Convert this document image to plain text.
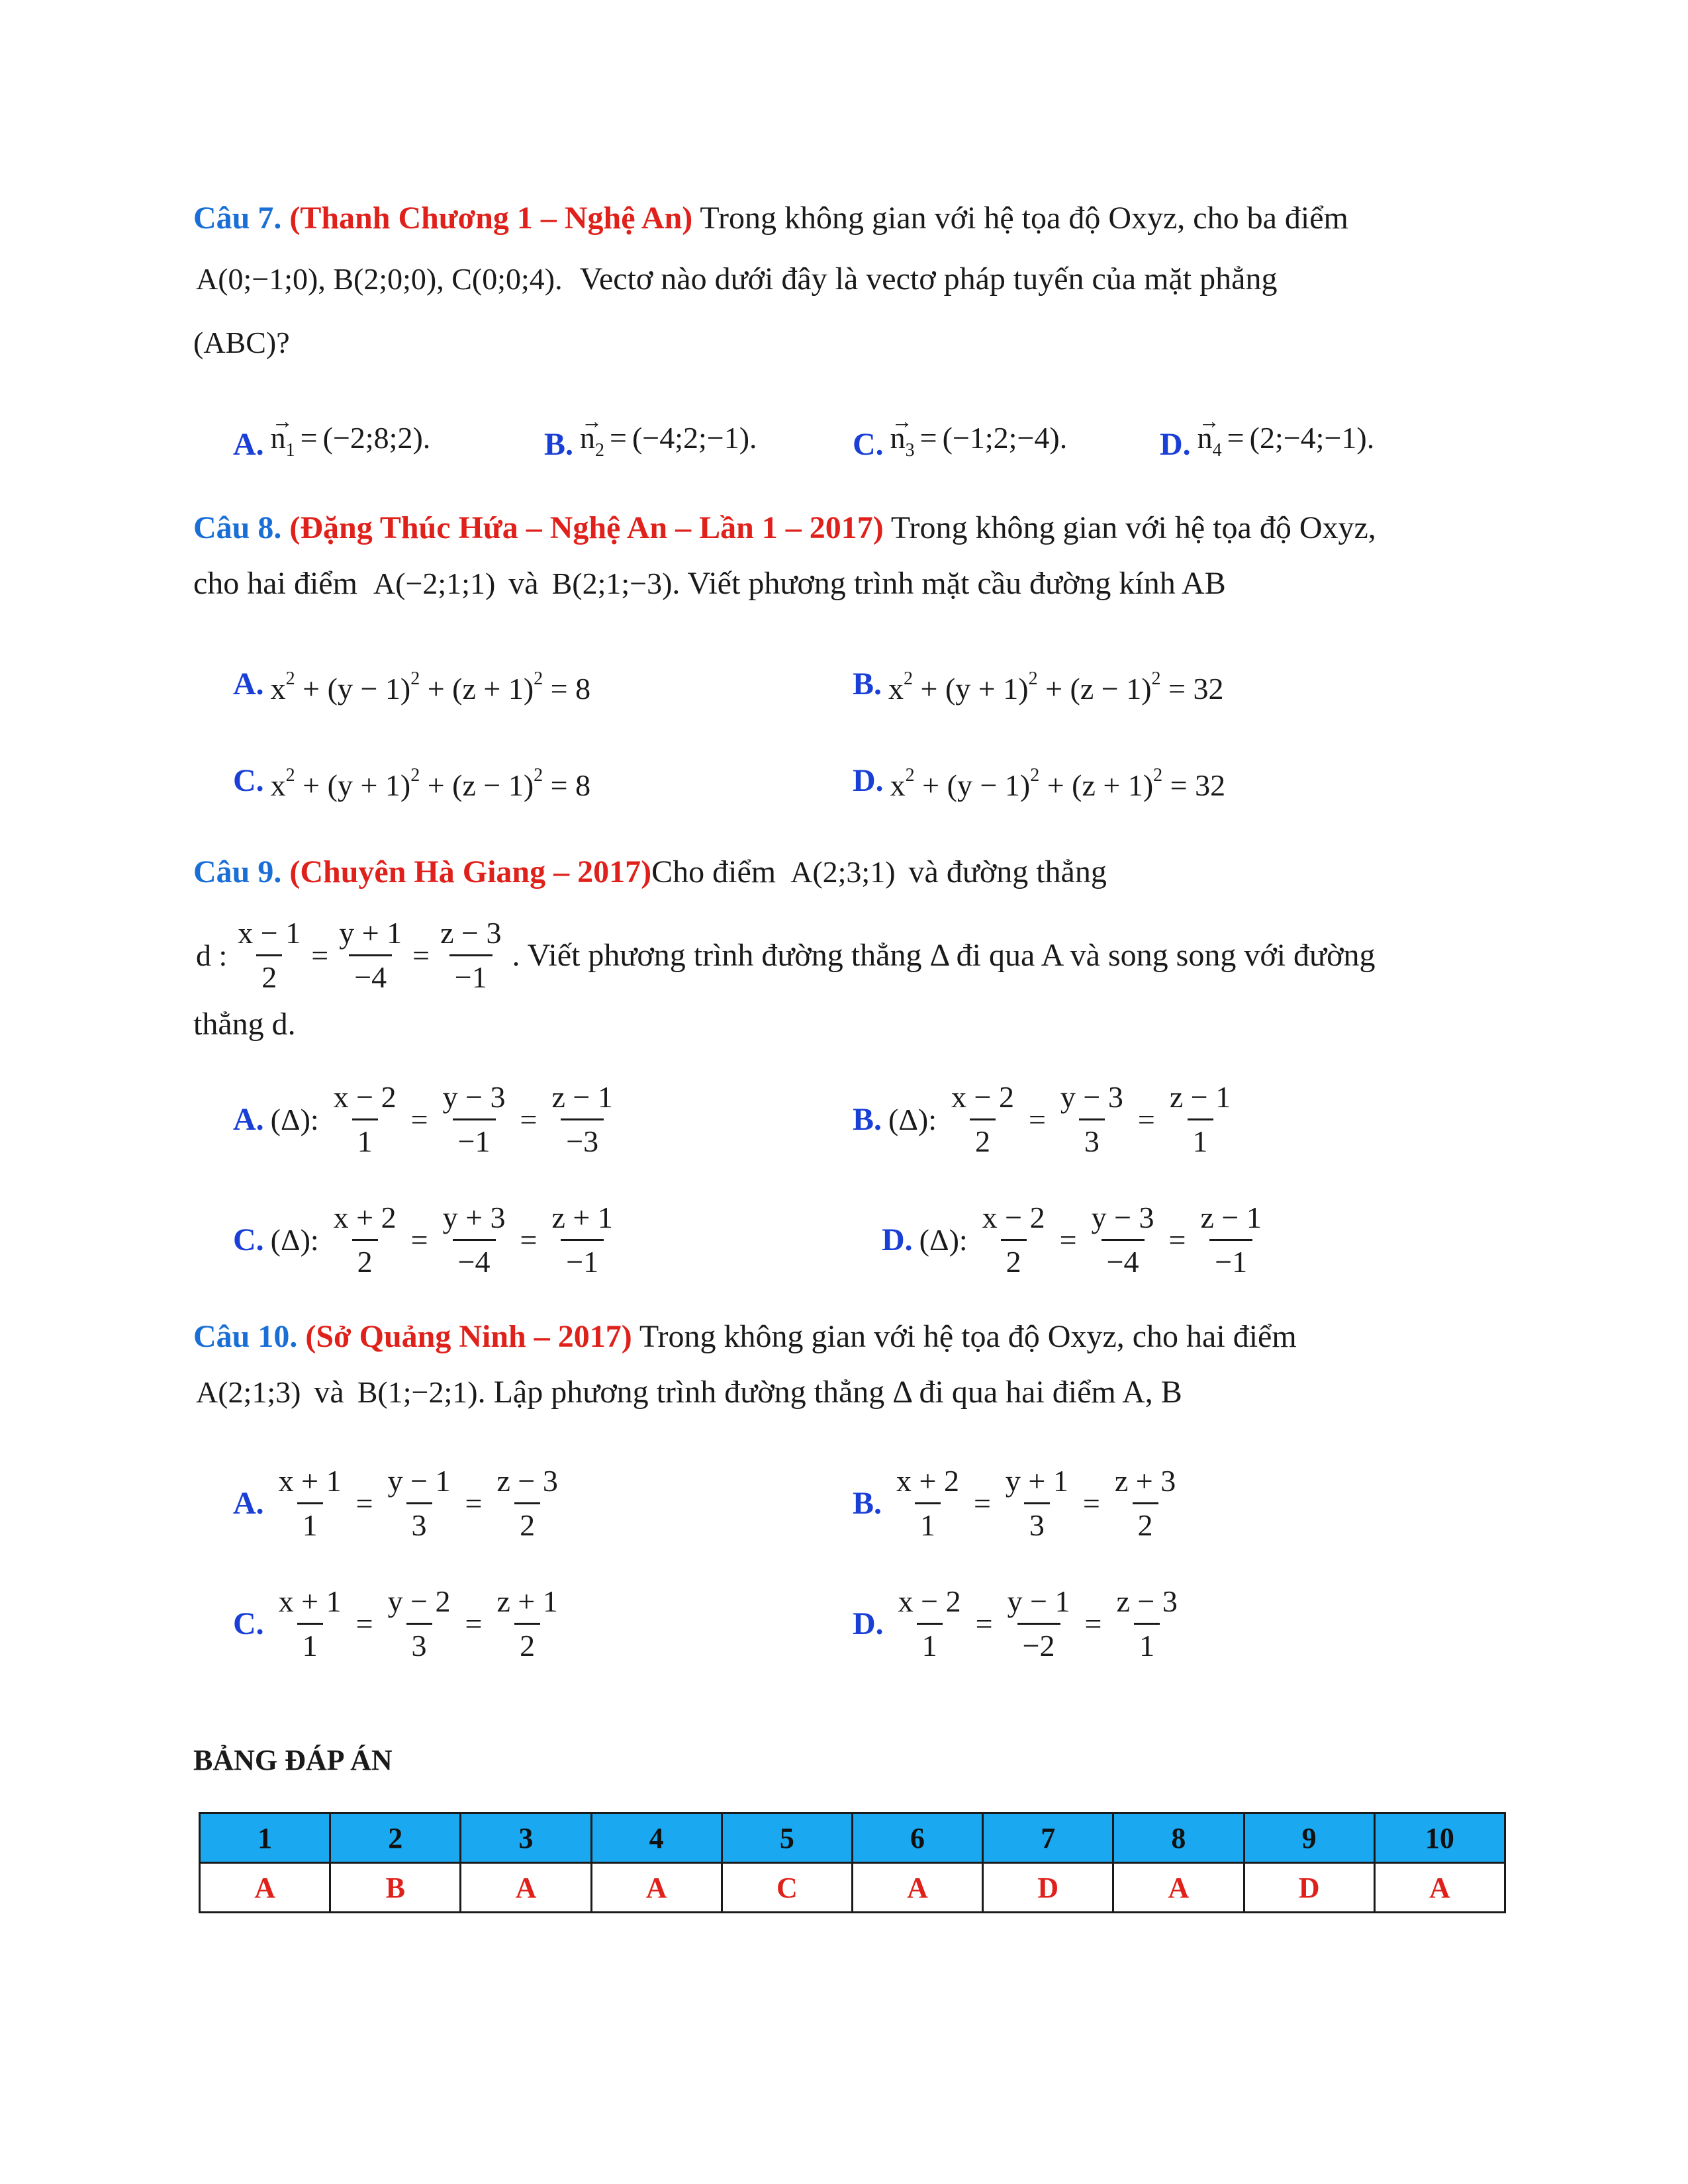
Câu 7. (Thanh Chương 1 – Nghệ An) Trong không gian với hệ tọa độ Oxyz, cho ba điểm
A(0;−1;0), B(2;0;0), C(0;0;4). Vectơ nào dưới đây là vectơ pháp tuyến của mặt phẳng
(ABC)?
A. → $n_1$ = (−2;8;2).	B. → $n_2$ = (−4;2;−1).	C. → $n_3$ = (−1;2;−4).	D. → $n_4$ = (2;−4;−1).
Câu 8. (Đặng Thúc Hứa – Nghệ An – Lần 1 – 2017) Trong không gian với hệ tọa độ Oxyz,
cho hai điểm A(−2;1;1) và B(2;1;−3). Viết phương trình mặt cầu đường kính AB
A. $x^2 + (y - 1)^2 + (z + 1)^2 = 8$	B. $x^2 + (y + 1)^2 + (z - 1)^2 = 32$
C. $x^2 + (y + 1)^2 + (z - 1)^2 = 8$	D. $x^2 + (y - 1)^2 + (z + 1)^2 = 32$
Câu 9. (Chuyên Hà Giang – 2017)Cho điểm A(2;3;1) và đường thẳng
d : $\frac{x - 1}{2} = \frac{y + 1}{-4} = \frac{z - 3}{-1}$ . Viết phương trình đường thẳng Δ đi qua A và song song với đường
thẳng d.
A. (Δ): $\frac{x - 2}{1} = \frac{y - 3}{-1} = \frac{z - 1}{-3}$	B. (Δ): $\frac{x - 2}{2} = \frac{y - 3}{3} = \frac{z - 1}{1}$
C. (Δ): $\frac{x + 2}{2} = \frac{y + 3}{-4} = \frac{z + 1}{-1}$	D. (Δ): $\frac{x - 2}{2} = \frac{y - 3}{-4} = \frac{z - 1}{-1}$
Câu 10. (Sở Quảng Ninh – 2017) Trong không gian với hệ tọa độ Oxyz, cho hai điểm
A(2;1;3) và B(1;−2;1). Lập phương trình đường thẳng Δ đi qua hai điểm A, B
A. $\frac{x + 1}{1} = \frac{y - 1}{3} = \frac{z - 3}{2}$	B. $\frac{x + 2}{1} = \frac{y + 1}{3} = \frac{z + 3}{2}$
C. $\frac{x + 1}{1} = \frac{y - 2}{3} = \frac{z + 1}{2}$	D. $\frac{x - 2}{1} = \frac{y - 1}{-2} = \frac{z - 3}{1}$
BẢNG ĐÁP ÁN
1	2	3	4	5	6	7	8	9	10
A	B	A	A	C	A	D	A	D	A
